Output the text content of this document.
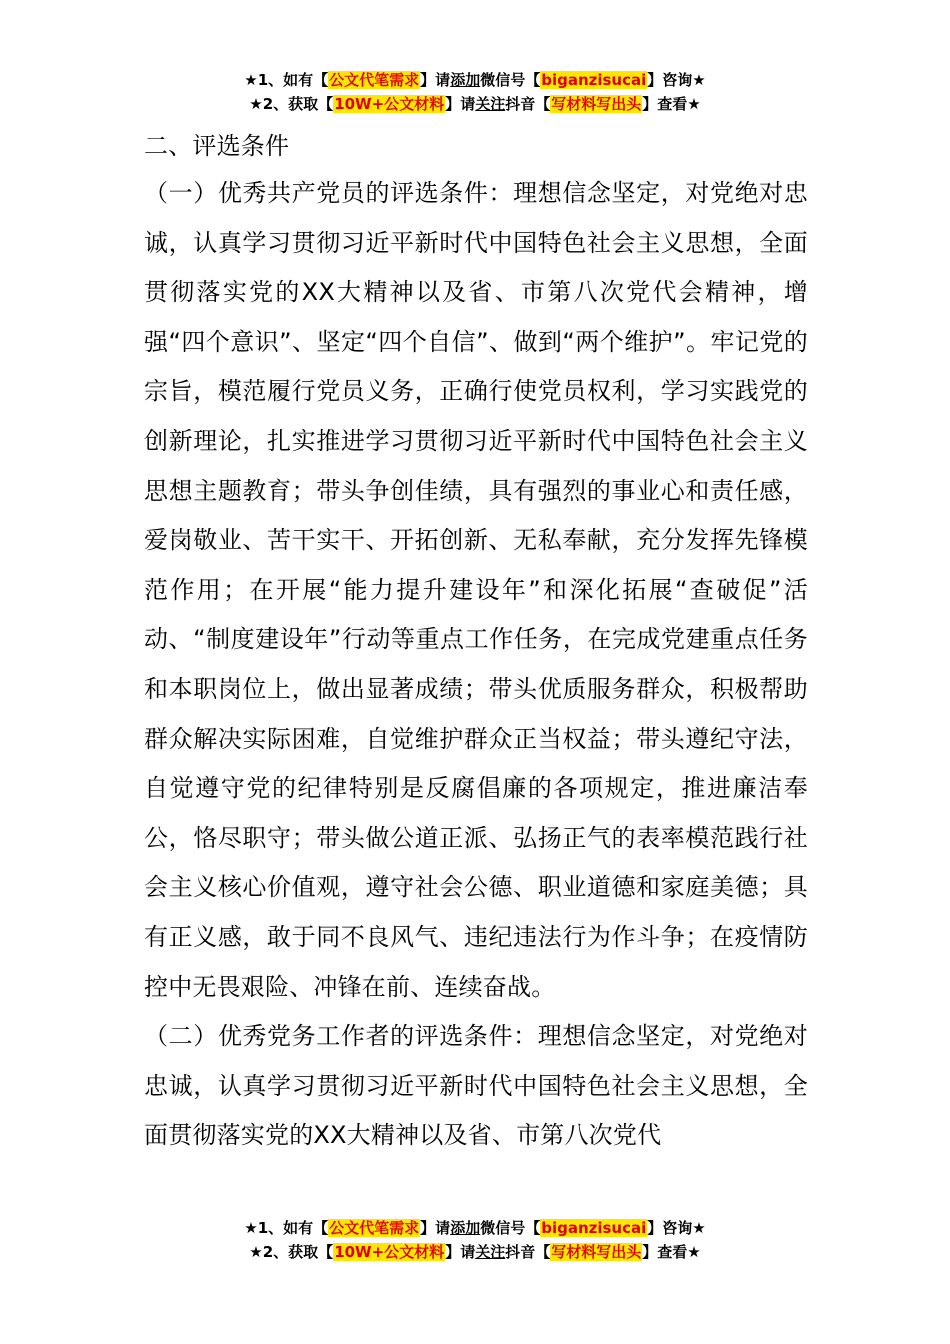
★1、如有【公文代笔需求】请添加微信号【biganzisucai】咨询★
★2、获取【10W+公文材料】请关注抖音【写材料写出头】查看★
二、评选条件

（一）优秀共产党员的评选条件：理想信念坚定，对党绝对忠诚，认真学习贯彻习近平新时代中国特色社会主义思想，全面贯彻落实党的XX大精神以及省、市第八次党代会精神，增强“四个意识”、坚定“四个自信”、做到“两个维护”。牢记党的宗旨，模范履行党员义务，正确行使党员权利，学习实践党的创新理论，扎实推进学习贯彻习近平新时代中国特色社会主义思想主题教育；带头争创佳绩，具有强烈的事业心和责任感，爱岗敬业、苦干实干、开拓创新、无私奉献，充分发挥先锋模范作用；在开展“能力提升建设年”和深化拓展“查破促”活动、“制度建设年”行动等重点工作任务，在完成党建重点任务和本职岗位上，做出显著成绩；带头优质服务群众，积极帮助群众解决实际困难，自觉维护群众正当权益；带头遵纪守法，自觉遵守党的纪律特别是反腐倡廉的各项规定，推进廉洁奉公，恪尽职守；带头做公道正派、弘扬正气的表率模范践行社会主义核心价值观，遵守社会公德、职业道德和家庭美德；具有正义感，敢于同不良风气、违纪违法行为作斗争；在疫情防控中无畏艰险、冲锋在前、连续奋战。

（二）优秀党务工作者的评选条件：理想信念坚定，对党绝对忠诚，认真学习贯彻习近平新时代中国特色社会主义思想，全面贯彻落实党的XX大精神以及省、市第八次党代

★1、如有【公文代笔需求】请添加微信号【biganzisucai】咨询★
★2、获取【10W+公文材料】请关注抖音【写材料写出头】查看★
